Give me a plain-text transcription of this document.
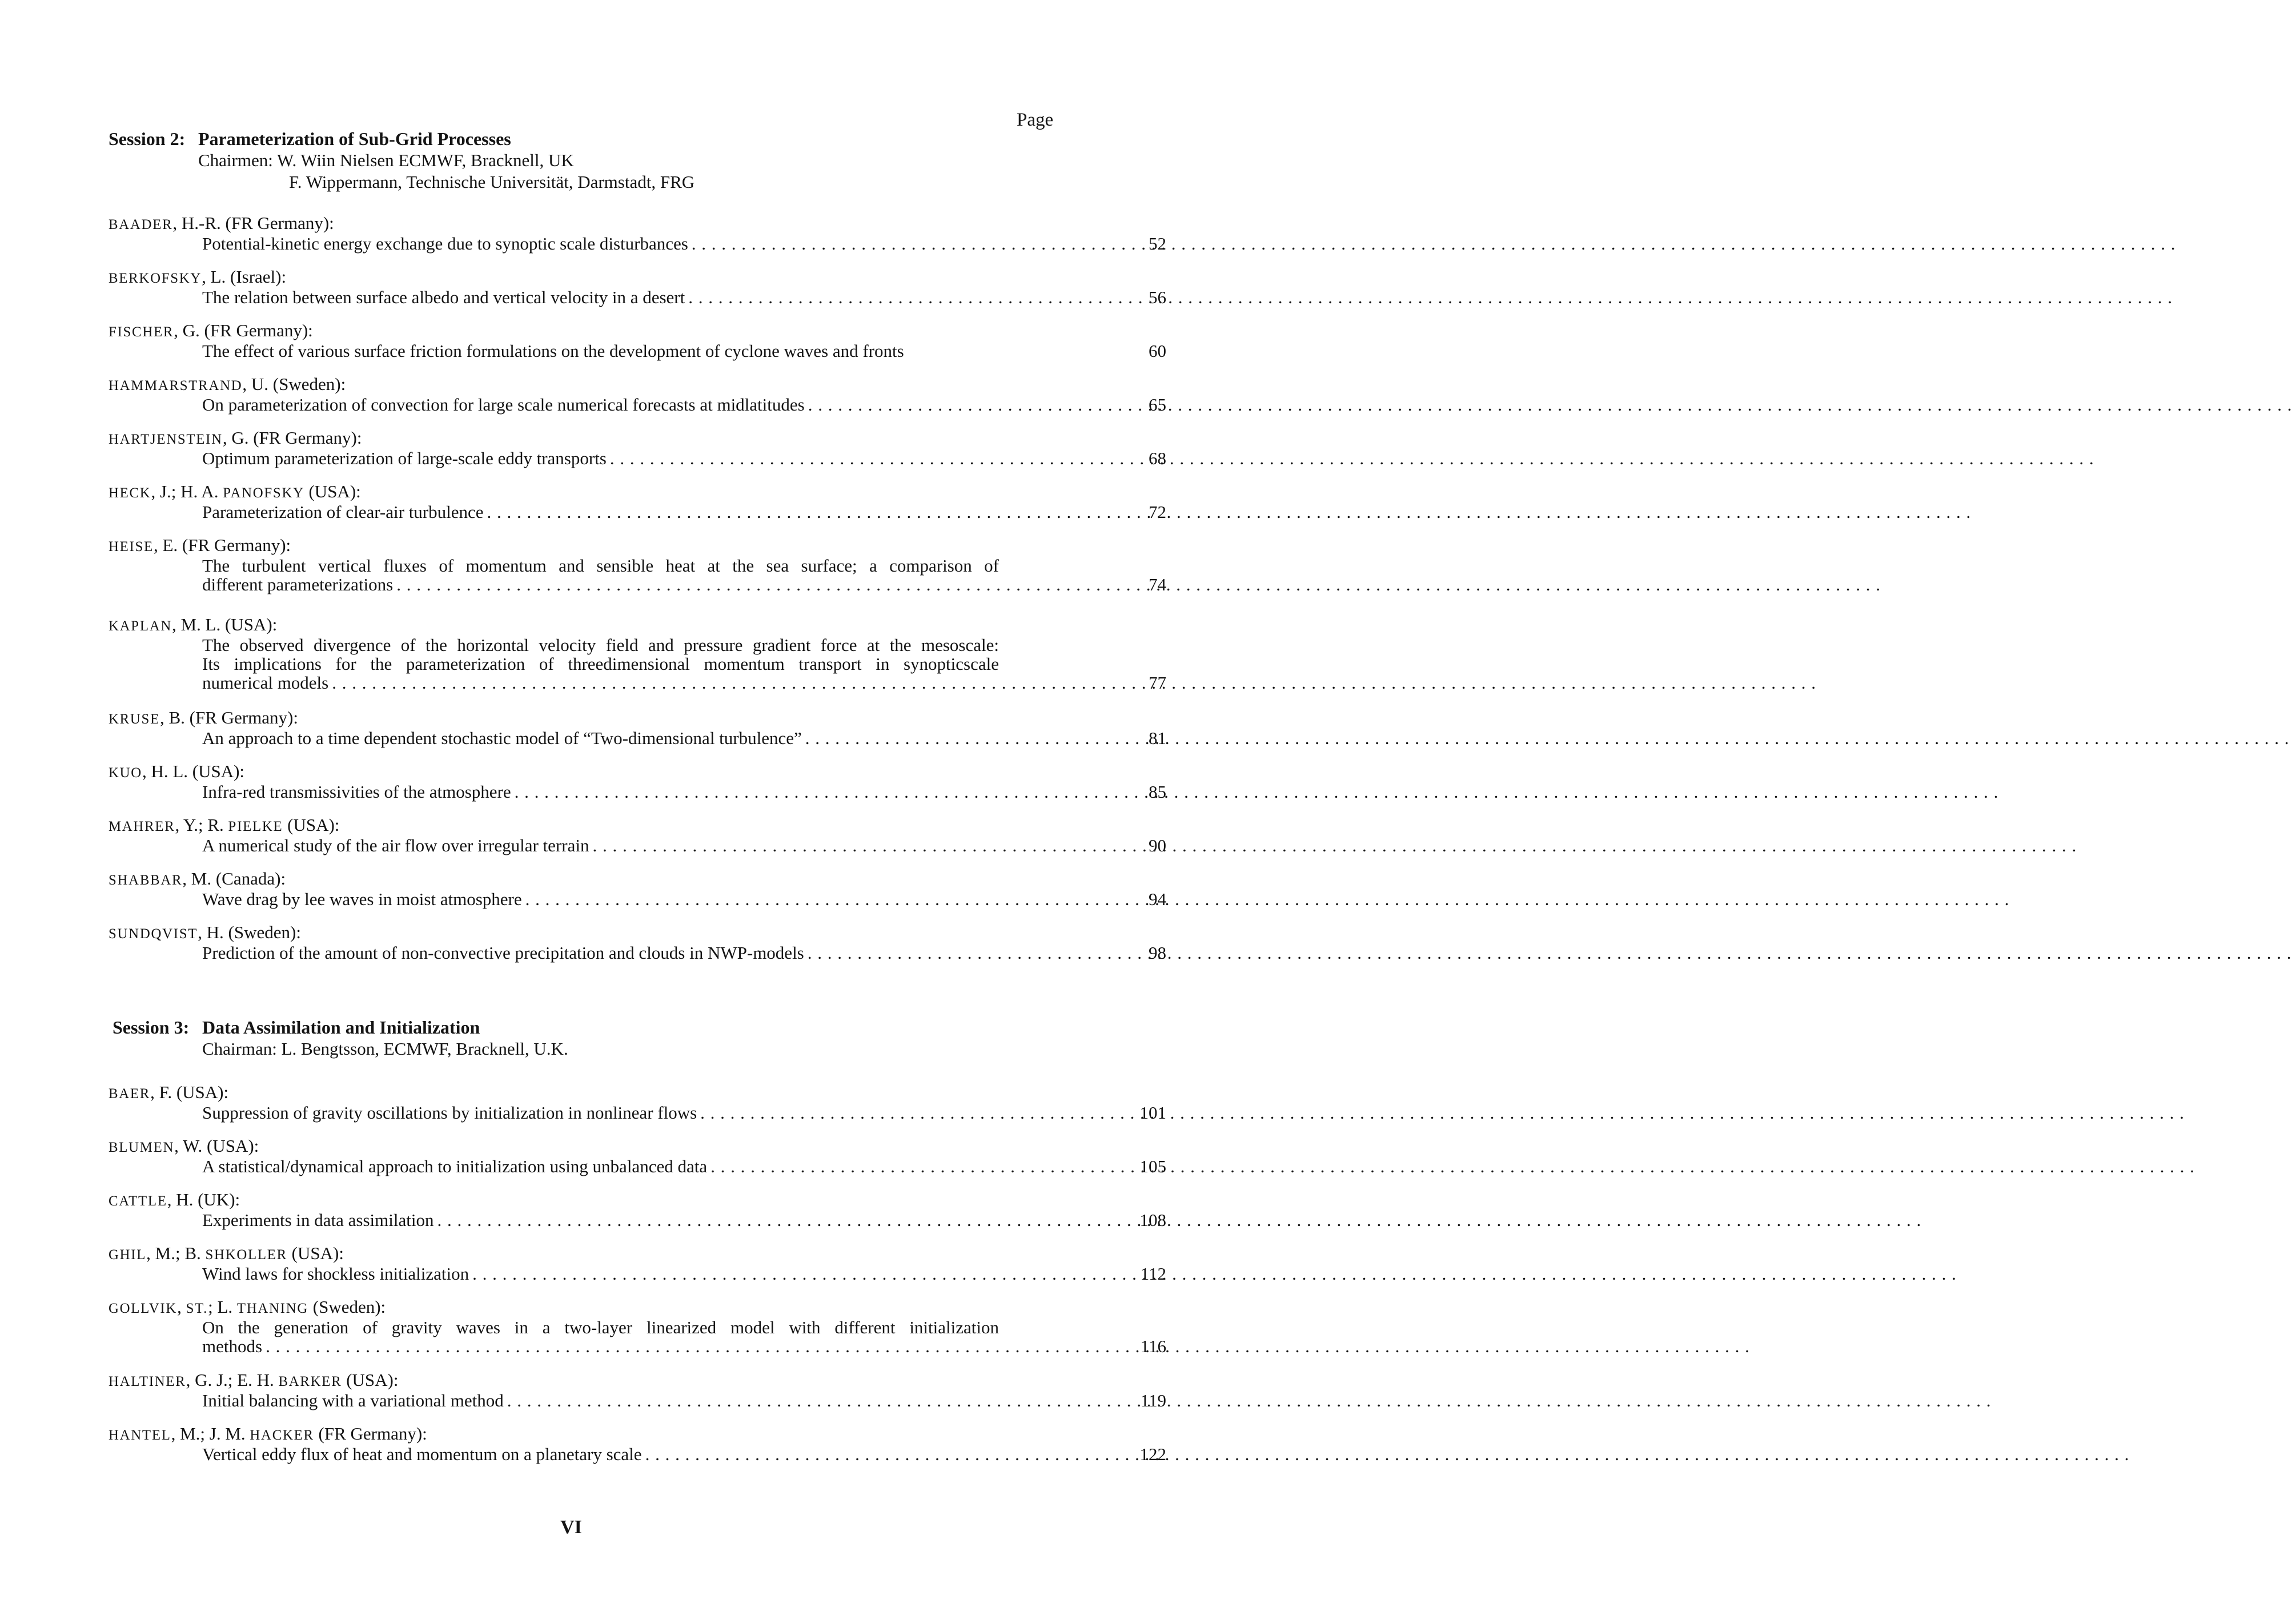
Page
Session 2: Parameterization of Sub-Grid Processes
Chairmen: W. Wiin Nielsen ECMWF, Bracknell, UK
F. Wippermann, Technische Universität, Darmstadt, FRG
BAADER, H.-R. (FR Germany):
Potential-kinetic energy exchange due to synoptic scale disturbances . . .	52
BERKOFSKY, L. (Israel):
The relation between surface albedo and vertical velocity in a desert . . .	56
FISCHER, G. (FR Germany):
The effect of various surface friction formulations on the development of cyclone waves and fronts	60
HAMMARSTRAND, U. (Sweden):
On parameterization of convection for large scale numerical forecasts at midlatitudes . . .	65
HARTJENSTEIN, G. (FR Germany):
Optimum parameterization of large-scale eddy transports . . .	68
HECK, J.; H. A. PANOFSKY (USA):
Parameterization of clear-air turbulence . . .	72
HEISE, E. (FR Germany):
The turbulent vertical fluxes of momentum and sensible heat at the sea surface; a comparison of
different parameterizations . . .	74
KAPLAN, M. L. (USA):
The observed divergence of the horizontal velocity field and pressure gradient force at the mesoscale:
Its implications for the parameterization of threedimensional momentum transport in synopticscale
numerical models . . .	77
KRUSE, B. (FR Germany):
An approach to a time dependent stochastic model of “Two-dimensional turbulence” . . .	81
KUO, H. L. (USA):
Infra-red transmissivities of the atmosphere . . .	85
MAHRER, Y.; R. PIELKE (USA):
A numerical study of the air flow over irregular terrain . . .	90
SHABBAR, M. (Canada):
Wave drag by lee waves in moist atmosphere . . .	94
SUNDQVIST, H. (Sweden):
Prediction of the amount of non-convective precipitation and clouds in NWP-models . . .	98
Session 3: Data Assimilation and Initialization
Chairman: L. Bengtsson, ECMWF, Bracknell, U.K.
BAER, F. (USA):
Suppression of gravity oscillations by initialization in nonlinear flows . . .	101
BLUMEN, W. (USA):
A statistical/dynamical approach to initialization using unbalanced data . . .	105
CATTLE, H. (UK):
Experiments in data assimilation . . .	108
GHIL, M.; B. SHKOLLER (USA):
Wind laws for shockless initialization . . .	112
GOLLVIK, ST.; L. THANING (Sweden):
On the generation of gravity waves in a two-layer linearized model with different initialization
methods . . .	116
HALTINER, G. J.; E. H. BARKER (USA):
Initial balancing with a variational method . . .	119
HANTEL, M.; J. M. HACKER (FR Germany):
Vertical eddy flux of heat and momentum on a planetary scale . . .	122
VI
